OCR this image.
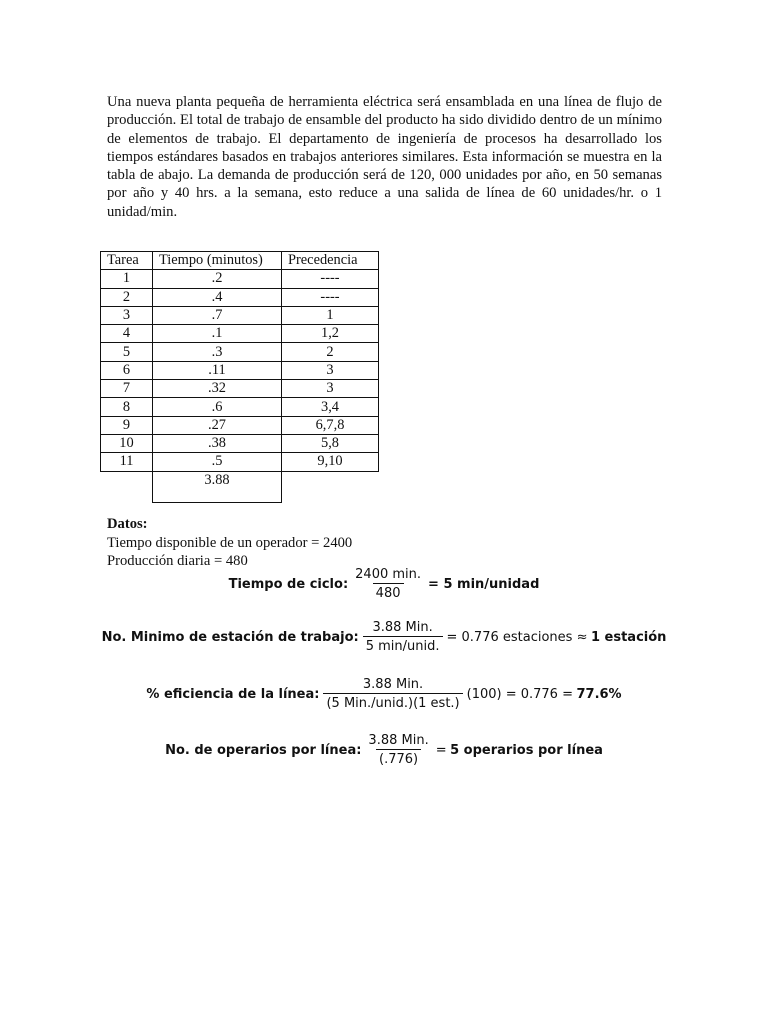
Una nueva planta pequeña de herramienta eléctrica será ensamblada en una línea de flujo de producción. El total de trabajo de ensamble del producto ha sido dividido dentro de un mínimo de elementos de trabajo. El departamento de ingeniería de procesos ha desarrollado los tiempos estándares basados en trabajos anteriores similares. Esta información se muestra en la tabla de abajo. La demanda de producción será de 120, 000 unidades por año, en 50 semanas por año y 40 hrs. a la semana, esto reduce a una salida de línea de 60 unidades/hr. o 1 unidad/min.
Tarea	Tiempo (minutos)	Precedencia
1	.2	----
2	.4	----
3	.7	1
4	.1	1,2
5	.3	2
6	.11	3
7	.32	3
8	.6	3,4
9	.27	6,7,8
10	.38	5,8
11	.5	9,10
	3.88	
Datos:
Tiempo disponible de un operador = 2400
Producción diaria = 480
Tiempo de ciclo: $\frac{2400 \min.}{480} = 5$ min/unidad
No. Minimo de estación de trabajo: $\frac{\text{3.88 Min.}}{\text{5 min/unid.}} = 0.776$ estaciones ≈
1 estación
% eficiencia de la línea: $\frac{\text{3.88 Min.}}{\text{(5 Min./unid.)(1 est.)}} (100) = 0.776$ =
77.6%
No. de operarios por línea: $\frac{\text{3.88 Min.}}{(.776)}$ =
5 operarios por línea
